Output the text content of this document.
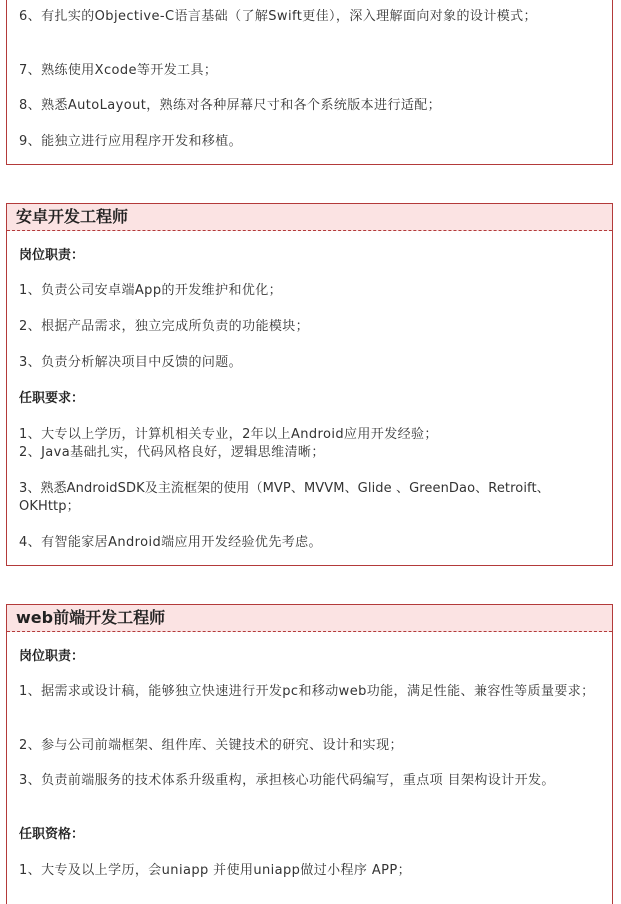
6、有扎实的Objective-C语言基础（了解Swift更佳），深入理解面向对象的设计模式；

7、熟练使用Xcode等开发工具；

8、熟悉AutoLayout，熟练对各种屏幕尺寸和各个系统版本进行适配；

9、能独立进行应用程序开发和移植。

安卓开发工程师

岗位职责：

1、负责公司安卓端App的开发维护和优化；

2、根据产品需求，独立完成所负责的功能模块；

3、负责分析解决项目中反馈的问题。

任职要求：

1、大专以上学历，计算机相关专业，2年以上Android应用开发经验；

2、Java基础扎实，代码风格良好，逻辑思维清晰；

3、熟悉AndroidSDK及主流框架的使用（MVP、MVVM、Glide 、GreenDao、Retroift、OKHttp；

4、有智能家居Android端应用开发经验优先考虑。

web前端开发工程师

岗位职责：

1、据需求或设计稿，能够独立快速进行开发pc和移动web功能，满足性能、兼容性等质量要求；

2、参与公司前端框架、组件库、关键技术的研究、设计和实现；

3、负责前端服务的技术体系升级重构，承担核心功能代码编写，重点项 目架构设计开发。

任职资格：

1、大专及以上学历，会uniapp 并使用uniapp做过小程序 APP；
